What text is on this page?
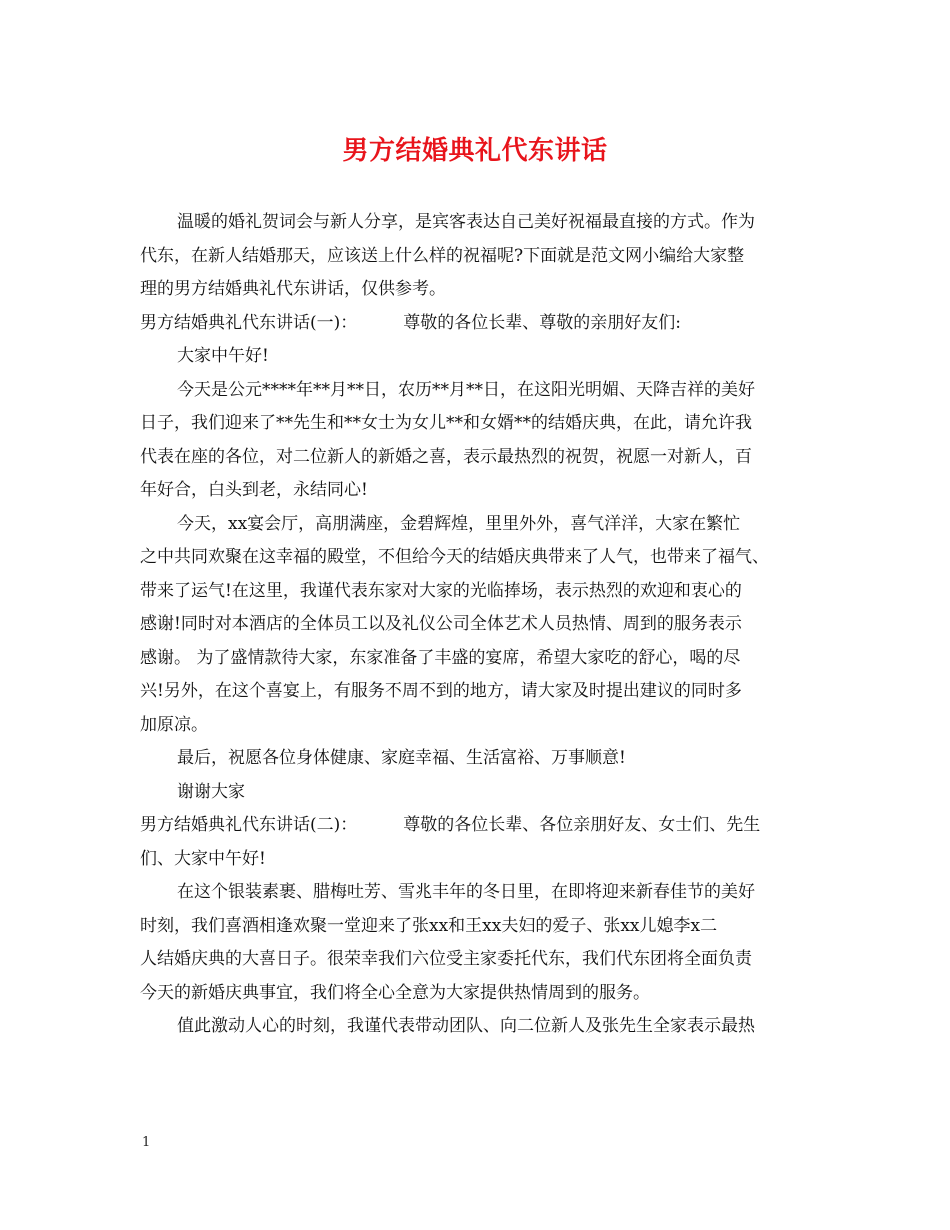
男方结婚典礼代东讲话
温暖的婚礼贺词会与新人分享，是宾客表达自己美好祝福最直接的方式。作为
代东，在新人结婚那天，应该送上什么样的祝福呢?下面就是范文网小编给大家整
理的男方结婚典礼代东讲话，仅供参考。
男方结婚典礼代东讲话(一)：	尊敬的各位长辈、尊敬的亲朋好友们:
大家中午好!
今天是公元****年**月**日，农历**月**日，在这阳光明媚、天降吉祥的美好
日子，我们迎来了**先生和**女士为女儿**和女婿**的结婚庆典，在此，请允许我
代表在座的各位，对二位新人的新婚之喜，表示最热烈的祝贺，祝愿一对新人，百
年好合，白头到老，永结同心!
今天，xx宴会厅，高朋满座，金碧辉煌，里里外外，喜气洋洋，大家在繁忙
之中共同欢聚在这幸福的殿堂，不但给今天的结婚庆典带来了人气，也带来了福气、
带来了运气!在这里，我谨代表东家对大家的光临捧场，表示热烈的欢迎和衷心的
感谢!同时对本酒店的全体员工以及礼仪公司全体艺术人员热情、周到的服务表示
感谢。 为了盛情款待大家，东家准备了丰盛的宴席，希望大家吃的舒心，喝的尽
兴!另外，在这个喜宴上，有服务不周不到的地方，请大家及时提出建议的同时多
加原凉。
最后，祝愿各位身体健康、家庭幸福、生活富裕、万事顺意!
谢谢大家
男方结婚典礼代东讲话(二)：	尊敬的各位长辈、各位亲朋好友、女士们、先生
们、大家中午好!
在这个银装素裹、腊梅吐芳、雪兆丰年的冬日里，在即将迎来新春佳节的美好
时刻，我们喜酒相逢欢聚一堂迎来了张xx和王xx夫妇的爱子、张xx儿媳李x二
人结婚庆典的大喜日子。很荣幸我们六位受主家委托代东，我们代东团将全面负责
今天的新婚庆典事宜，我们将全心全意为大家提供热情周到的服务。
值此激动人心的时刻，我谨代表带动团队、向二位新人及张先生全家表示最热
1
